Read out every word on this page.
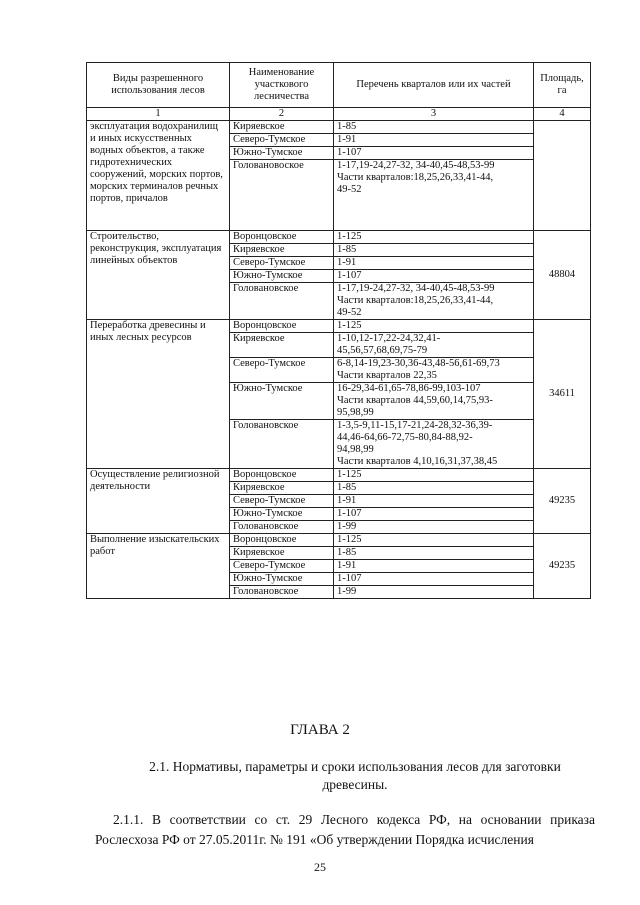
Виды разрешенного использования лесов	Наименование участкового лесничества	Перечень кварталов или их частей	Площадь, га
1	2	3	4
эксплуатация водохранилищ и иных искусственных водных объектов, а также гидротехнических сооружений, морских портов, морских терминалов речных портов, причалов	Киряевское	1-85	
	Северо-Тумское	1-91	
	Южно-Тумское	1-107	
	Голованово́ское	1-17,19-24,27-32, 34-40,45-48,53-99
Части кварталов:18,25,26,33,41-44,
49-52	
Строительство, реконструкция, эксплуатация линейных объектов	Воронцовское	1-125	48804
	Киряевское	1-85	
	Северо-Тумское	1-91	
	Южно-Тумское	1-107	
	Головановское	1-17,19-24,27-32, 34-40,45-48,53-99
Части кварталов:18,25,26,33,41-44,
49-52	
Переработка древесины и иных лесных ресурсов	Воронцовское	1-125	34611
	Киряевское	1-10,12-17,22-24,32,41-
45,56,57,68,69,75-79	
	Северо-Тумское	6-8,14-19,23-30,36-43,48-56,61-69,73
Части кварталов 22,35	
	Южно-Тумское	16-29,34-61,65-78,86-99,103-107
Части кварталов 44,59,60,14,75,93-
95,98,99	
	Головановское	1-3,5-9,11-15,17-21,24-28,32-36,39-
44,46-64,66-72,75-80,84-88,92-
94,98,99
Части кварталов 4,10,16,31,37,38,45	
Осуществление религиозной деятельности	Воронцовское	1-125	49235
	Киряевское	1-85	
	Северо-Тумское	1-91	
	Южно-Тумское	1-107	
	Головановское	1-99	
Выполнение изыскательских работ	Воронцовское	1-125	49235
	Киряевское	1-85	
	Северо-Тумское	1-91	
	Южно-Тумское	1-107	
	Головановское	1-99	
ГЛАВА 2
2.1. Нормативы, параметры и сроки использования лесов для заготовки древесины.
2.1.1. В соответствии со ст. 29 Лесного кодекса РФ, на основании приказа Рослесхоза РФ от 27.05.2011г. № 191 «Об утверждении Порядка исчисления
25
